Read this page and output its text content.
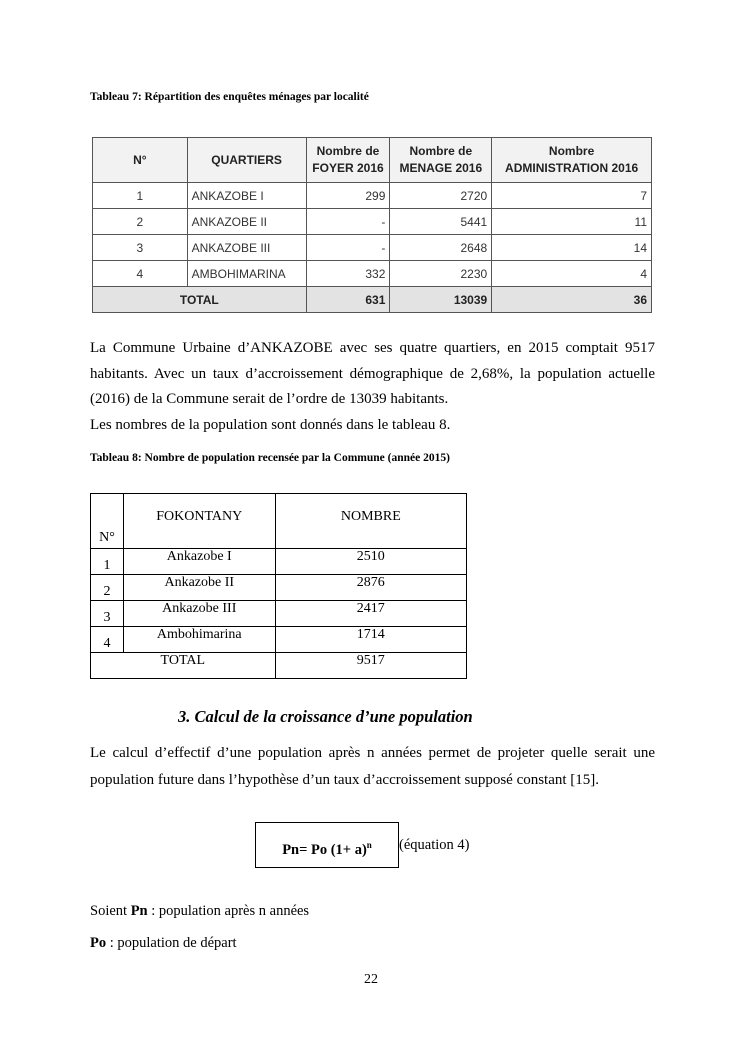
Tableau 7: Répartition des enquêtes ménages par localité
N°	QUARTIERS	Nombre de FOYER 2016	Nombre de MENAGE 2016	Nombre ADMINISTRATION 2016
1	ANKAZOBE I	299	2720	7
2	ANKAZOBE II	-	5441	11
3	ANKAZOBE III	-	2648	14
4	AMBOHIMARINA	332	2230	4
TOTAL		631	13039	36
La Commune Urbaine d’ANKAZOBE avec ses quatre quartiers, en 2015 comptait 9517 habitants. Avec un taux d’accroissement démographique de 2,68%, la population actuelle (2016) de la Commune serait de l’ordre de 13039 habitants.
Les nombres de la population sont donnés dans le tableau 8.
Tableau 8: Nombre de population recensée par la Commune (année 2015)
N°	FOKONTANY	NOMBRE
1	Ankazobe I	2510
2	Ankazobe II	2876
3	Ankazobe III	2417
4	Ambohimarina	1714
TOTAL		9517
3. Calcul de la croissance d’une population
Le calcul d’effectif d’une population après n années permet de projeter quelle serait une population future dans l’hypothèse d’un taux d’accroissement supposé constant [15].
Pn= Po $(1+ a)^n$	(équation 4)
Soient Pn : population après n années
Po : population de départ
22
